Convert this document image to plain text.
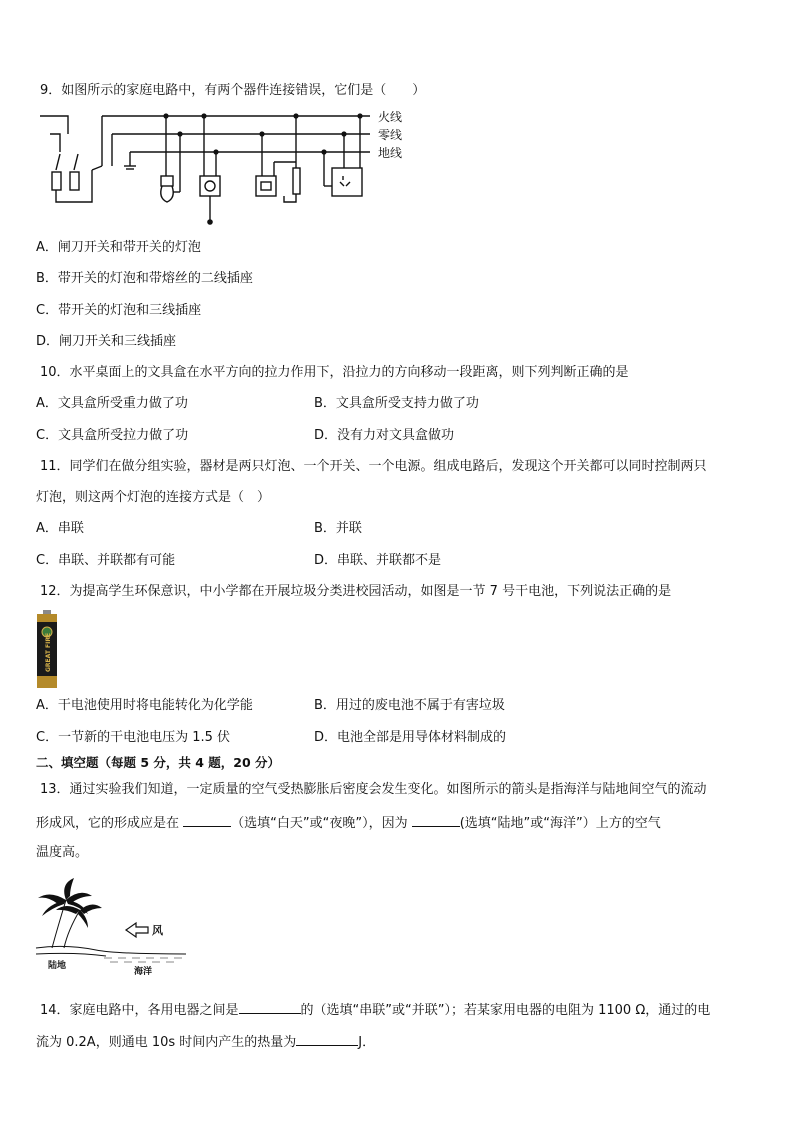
9．如图所示的家庭电路中，有两个器件连接错误，它们是（　　）
火线
零线
地线
A．闸刀开关和带开关的灯泡
B．带开关的灯泡和带熔丝的二线插座
C．带开关的灯泡和三线插座
D．闸刀开关和三线插座
10．水平桌面上的文具盒在水平方向的拉力作用下，沿拉力的方向移动一段距离，则下列判断正确的是
A．文具盒所受重力做了功	B．文具盒所受支持力做了功
C．文具盒所受拉力做了功	D．没有力对文具盒做功
11．同学们在做分组实验，器材是两只灯泡、一个开关、一个电源。组成电路后，发现这个开关都可以同时控制两只
灯泡，则这两个灯泡的连接方式是（　）
A．串联	B．并联
C．串联、并联都有可能	D．串联、并联都不是
12．为提高学生环保意识，中小学都在开展垃圾分类进校园活动，如图是一节 7 号干电池，下列说法正确的是
GREAT FIRE
A．干电池使用时将电能转化为化学能	B．用过的废电池不属于有害垃圾
C．一节新的干电池电压为 1.5 伏	D．电池全部是用导体材料制成的
二、填空题（每题 5 分，共 4 题，20 分）
13．通过实验我们知道，一定质量的空气受热膨胀后密度会发生变化。如图所示的箭头是指海洋与陆地间空气的流动
形成风，它的形成应是在	（选填“白天”或“夜晚”），因为	(选填“陆地”或“海洋”）上方的空气
温度高。
风
陆地
海洋
14．家庭电路中，各用电器之间是	的（选填“串联”或“并联”）；若某家用电器的电阻为 1100 Ω，通过的电
流为 0.2A，则通电 10s 时间内产生的热量为	J．
